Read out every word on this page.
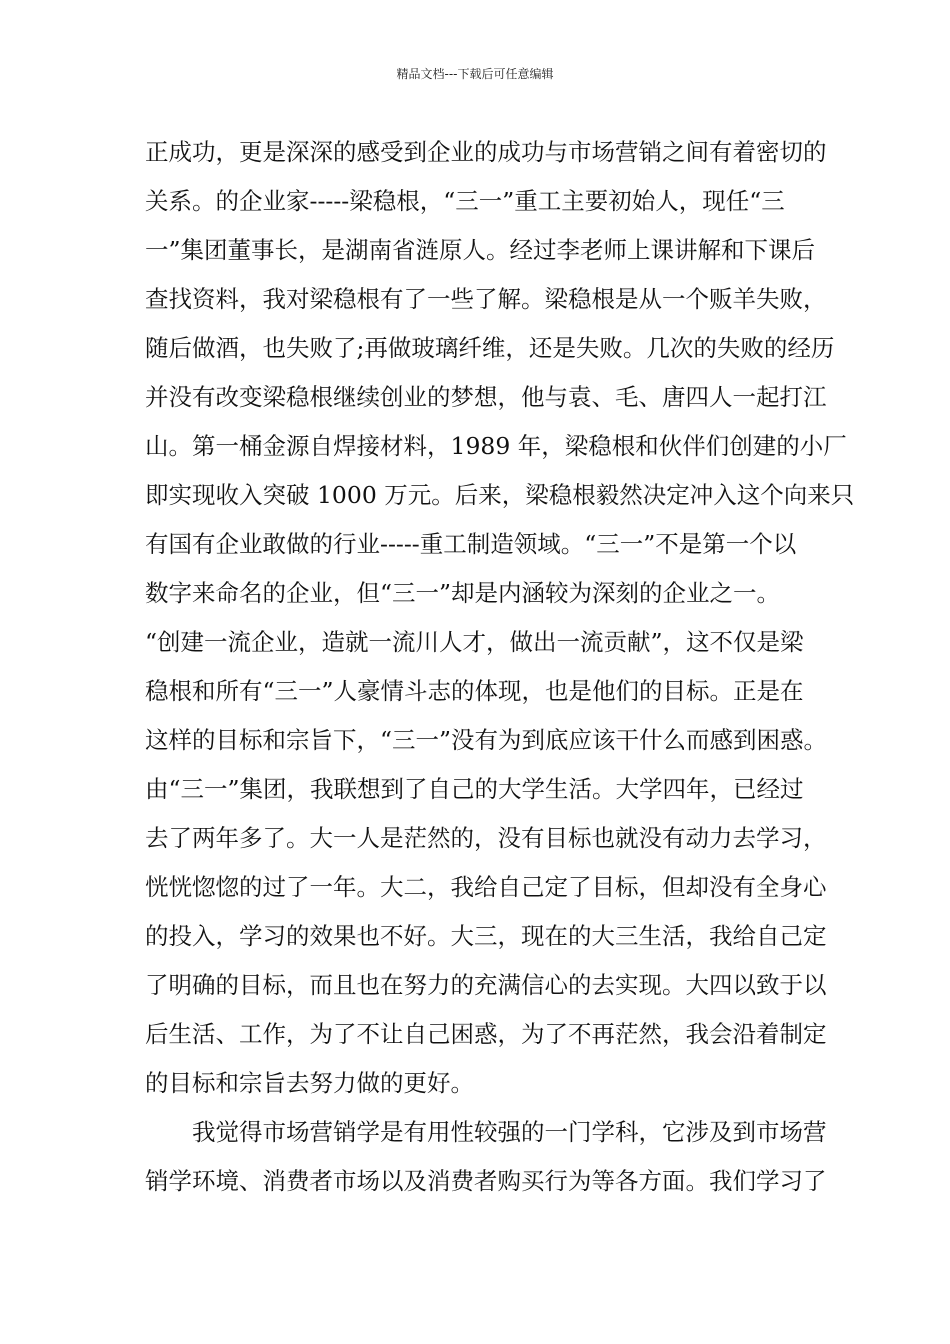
精品文档---下载后可任意编辑
正成功，更是深深的感受到企业的成功与市场营销之间有着密切的
关系。的企业家-----梁稳根，“三一”重工主要初始人，现任“三
一”集团董事长，是湖南省涟原人。经过李老师上课讲解和下课后
查找资料，我对梁稳根有了一些了解。梁稳根是从一个贩羊失败，
随后做酒，也失败了;再做玻璃纤维，还是失败。几次的失败的经历
并没有改变梁稳根继续创业的梦想，他与袁、毛、唐四人一起打江
山。第一桶金源自焊接材料，1989 年，梁稳根和伙伴们创建的小厂
即实现收入突破 1000 万元。后来，梁稳根毅然决定冲入这个向来只
有国有企业敢做的行业-----重工制造领域。“三一”不是第一个以
数字来命名的企业，但“三一”却是内涵较为深刻的企业之一。
“创建一流企业，造就一流川人才，做出一流贡献”，这不仅是梁
稳根和所有“三一”人豪情斗志的体现，也是他们的目标。正是在
这样的目标和宗旨下，“三一”没有为到底应该干什么而感到困惑。
由“三一”集团，我联想到了自己的大学生活。大学四年，已经过
去了两年多了。大一人是茫然的，没有目标也就没有动力去学习，
恍恍惚惚的过了一年。大二，我给自己定了目标，但却没有全身心
的投入，学习的效果也不好。大三，现在的大三生活，我给自己定
了明确的目标，而且也在努力的充满信心的去实现。大四以致于以
后生活、工作，为了不让自己困惑，为了不再茫然，我会沿着制定
的目标和宗旨去努力做的更好。
我觉得市场营销学是有用性较强的一门学科，它涉及到市场营
销学环境、消费者市场以及消费者购买行为等各方面。我们学习了
